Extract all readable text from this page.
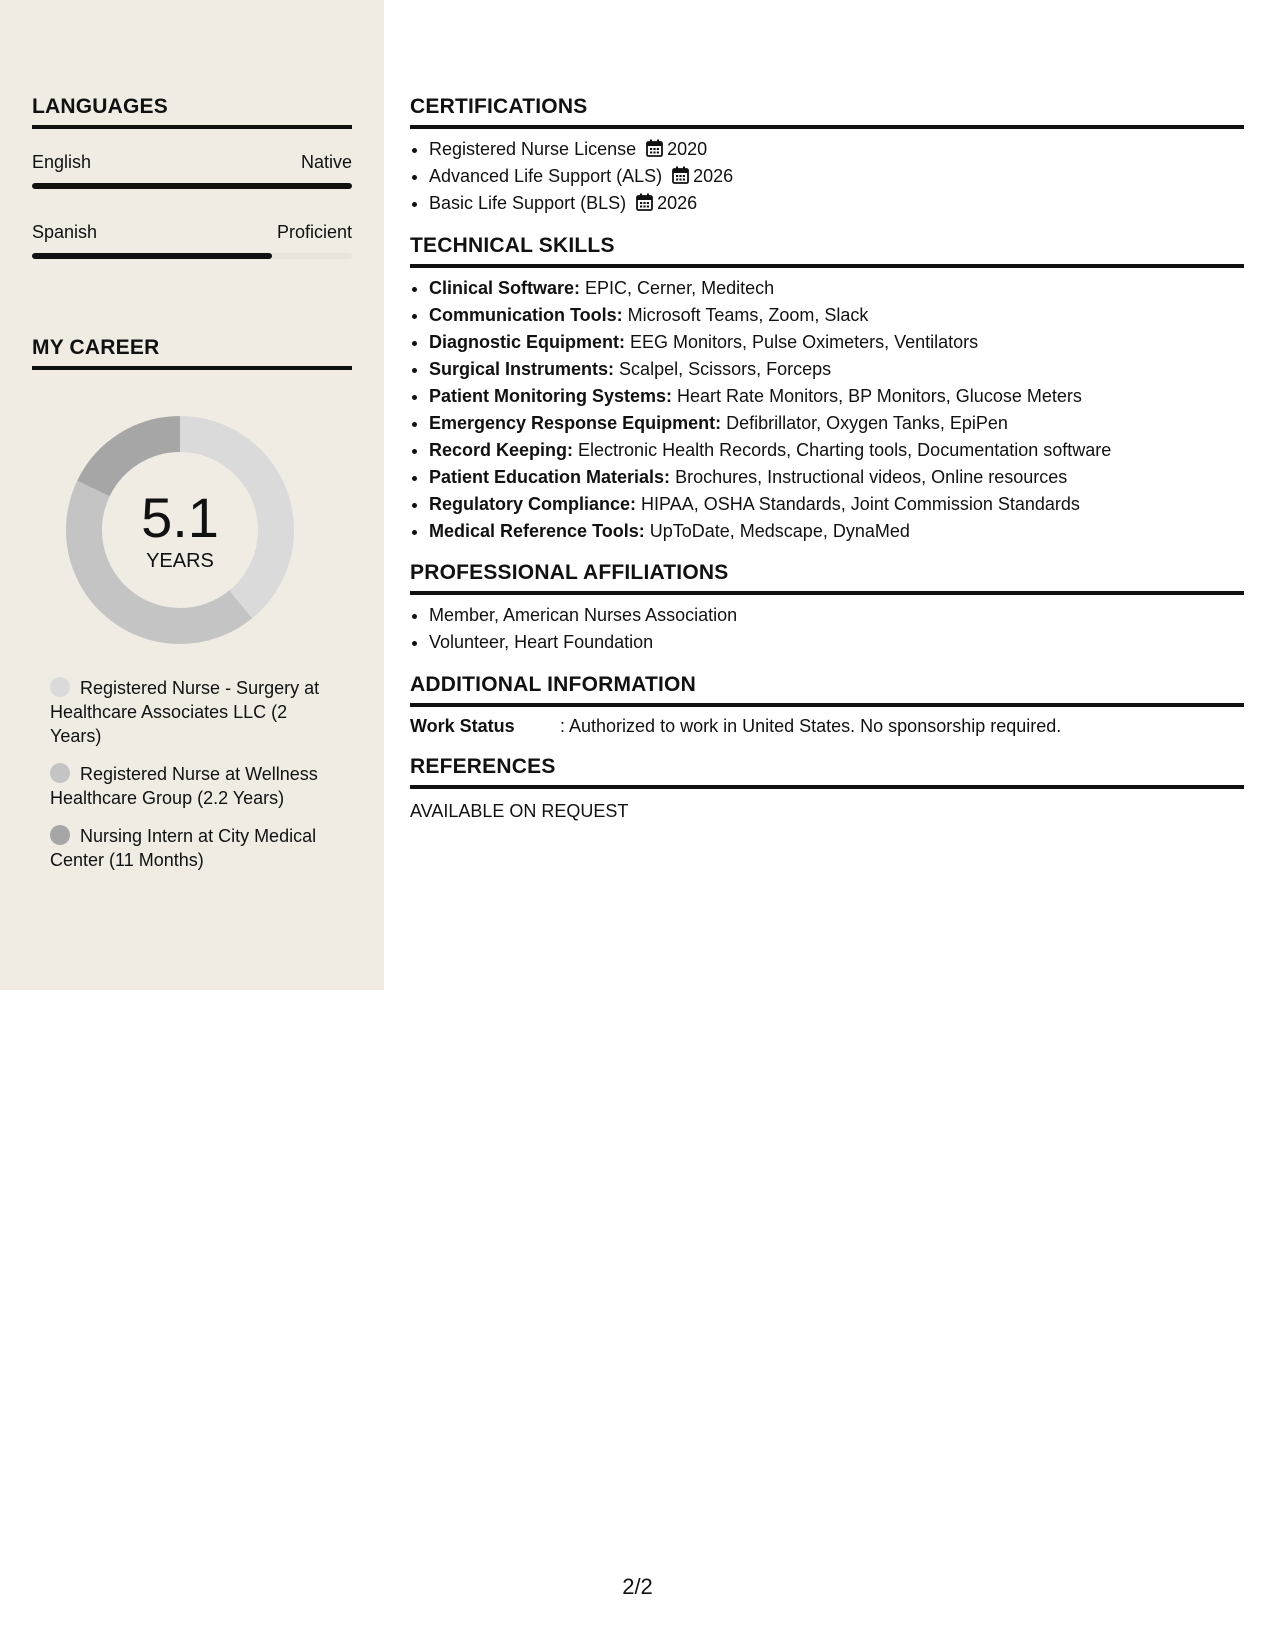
LANGUAGES
English	Native
Spanish	Proficient
MY CAREER
5.1
YEARS
Registered Nurse - Surgery at Healthcare Associates LLC (2 Years)
Registered Nurse at Wellness Healthcare Group (2.2 Years)
Nursing Intern at City Medical Center (11 Months)
CERTIFICATIONS
• Registered Nurse License 2020
• Advanced Life Support (ALS) 2026
• Basic Life Support (BLS) 2026
TECHNICAL SKILLS
• Clinical Software: EPIC, Cerner, Meditech
• Communication Tools: Microsoft Teams, Zoom, Slack
• Diagnostic Equipment: EEG Monitors, Pulse Oximeters, Ventilators
• Surgical Instruments: Scalpel, Scissors, Forceps
• Patient Monitoring Systems: Heart Rate Monitors, BP Monitors, Glucose Meters
• Emergency Response Equipment: Defibrillator, Oxygen Tanks, EpiPen
• Record Keeping: Electronic Health Records, Charting tools, Documentation software
• Patient Education Materials: Brochures, Instructional videos, Online resources
• Regulatory Compliance: HIPAA, OSHA Standards, Joint Commission Standards
• Medical Reference Tools: UpToDate, Medscape, DynaMed
PROFESSIONAL AFFILIATIONS
• Member, American Nurses Association
• Volunteer, Heart Foundation
ADDITIONAL INFORMATION
Work Status	: Authorized to work in United States. No sponsorship required.
REFERENCES
AVAILABLE ON REQUEST
2/2
